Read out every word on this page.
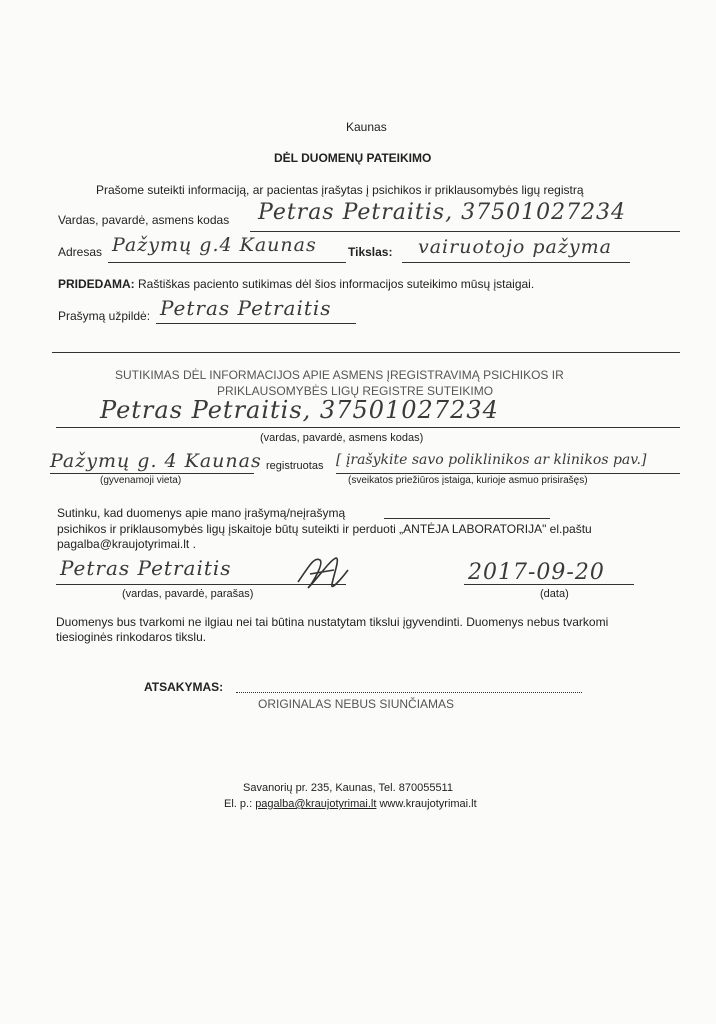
Kaunas
DĖL DUOMENŲ PATEIKIMO
Prašome suteikti informaciją, ar pacientas įrašytas į psichikos ir priklausomybės ligų registrą
Vardas, pavardė, asmens kodas Petras Petraitis, 37501027234
Adresas Pažymų g.4 Kaunas	Tikslas: vairuotojo pažyma
PRIDEDAMA: Raštiškas paciento sutikimas dėl šios informacijos suteikimo mūsų įstaigai.
Prašymą užpildė: Petras Petraitis
SUTIKIMAS DĖL INFORMACIJOS APIE ASMENS ĮREGISTRAVIMĄ PSICHIKOS IR
PRIKLAUSOMYBĖS LIGŲ REGISTRE SUTEIKIMO
Petras Petraitis, 37501027234
(vardas, pavardė, asmens kodas)
Pažymų g. 4 Kaunas
(gyvenamoji vieta)
registruotas [ įrašykite savo poliklinikos ar klinikos pav.]
(sveikatos priežiūros įstaiga, kurioje asmuo prisirašęs)
Sutinku, kad duomenys apie mano įrašymą/neįrašymą
psichikos ir priklausomybės ligų įskaitoje būtų suteikti ir perduoti „ANTĖJA LABORATORIJA" el.paštu
pagalba@kraujotyrimai.lt .
Petras Petraitis
(vardas, pavardė, parašas)
2017-09-20
(data)
Duomenys bus tvarkomi ne ilgiau nei tai būtina nustatytam tikslui įgyvendinti. Duomenys nebus tvarkomi
tiesioginės rinkodaros tikslu.
ATSAKYMAS:
ORIGINALAS NEBUS SIUNČIAMAS
Savanorių pr. 235, Kaunas, Tel. 870055511
El. p.: pagalba@kraujotyrimai.lt www.kraujotyrimai.lt
